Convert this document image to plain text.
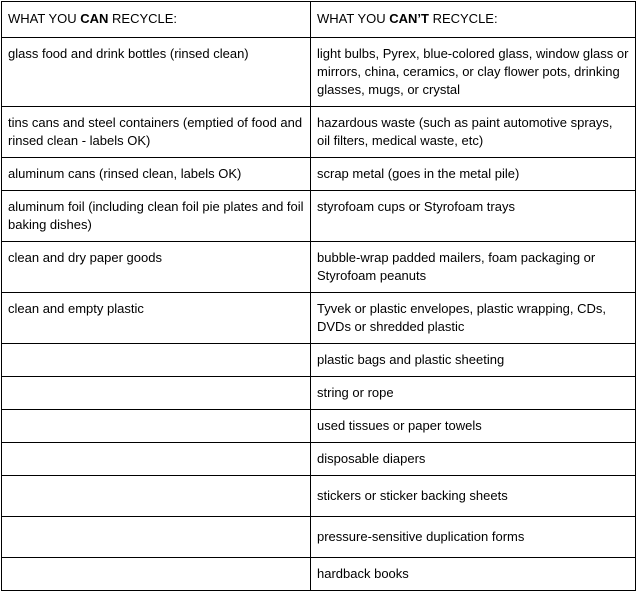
WHAT YOU CAN RECYCLE:	WHAT YOU CAN’T RECYCLE:
glass food and drink bottles (rinsed clean)	light bulbs, Pyrex, blue-colored glass, window glass or mirrors, china, ceramics, or clay flower pots, drinking glasses, mugs, or crystal
tins cans and steel containers (emptied of food and rinsed clean - labels OK)	hazardous waste (such as paint automotive sprays, oil filters, medical waste, etc)
aluminum cans (rinsed clean, labels OK)	scrap metal (goes in the metal pile)
aluminum foil (including clean foil pie plates and foil baking dishes)	styrofoam cups or Styrofoam trays
clean and dry paper goods	bubble-wrap padded mailers, foam packaging or Styrofoam peanuts
clean and empty plastic	Tyvek or plastic envelopes, plastic wrapping, CDs, DVDs or shredded plastic
	plastic bags and plastic sheeting
	string or rope
	used tissues or paper towels
	disposable diapers
	stickers or sticker backing sheets
	pressure-sensitive duplication forms
	hardback books
